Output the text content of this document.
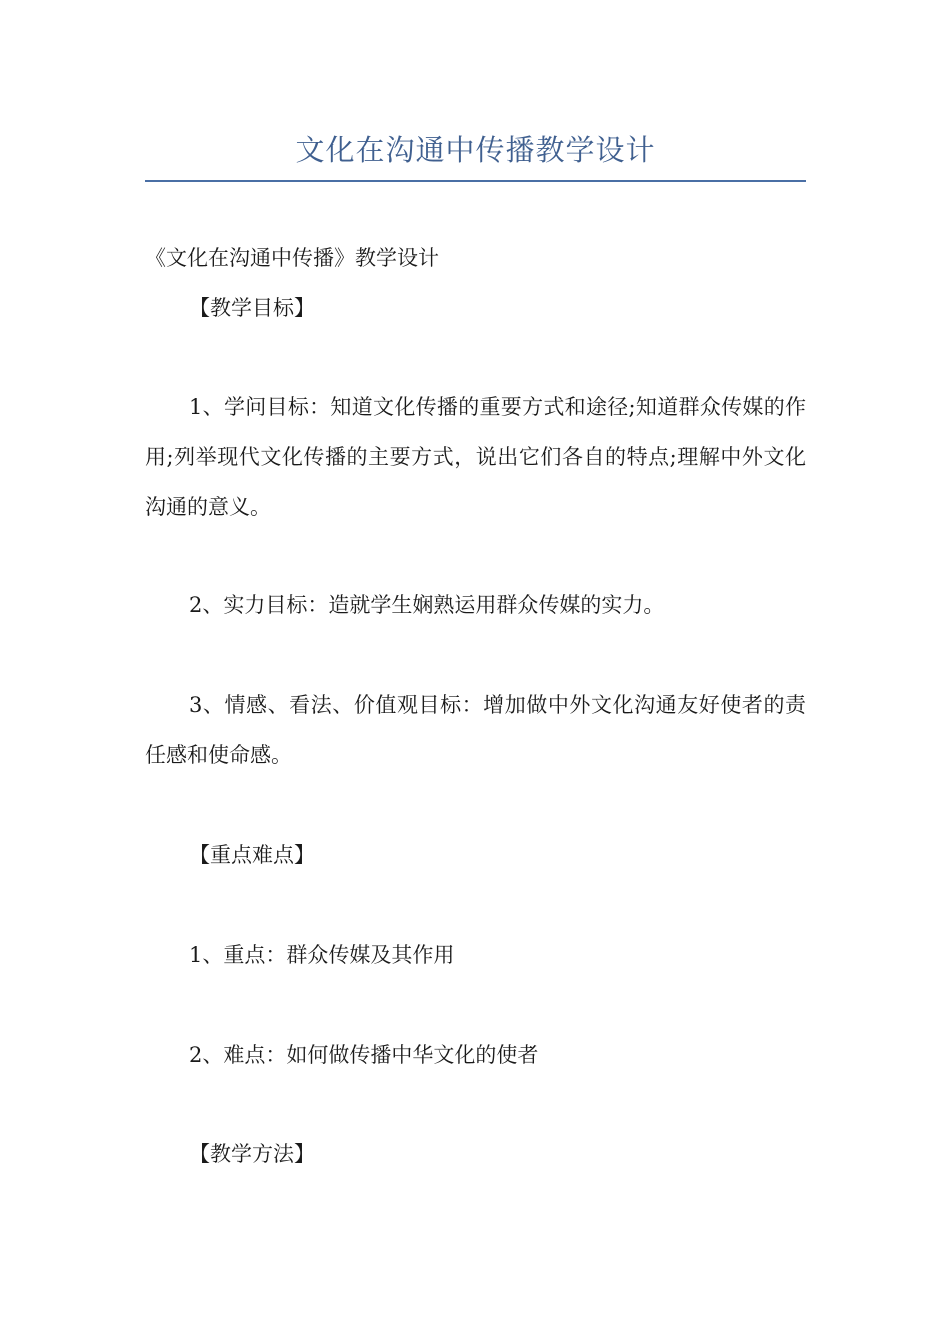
文化在沟通中传播教学设计
《文化在沟通中传播》教学设计
【教学目标】
1、学问目标：知道文化传播的重要方式和途径;知道群众传媒的作用;列举现代文化传播的主要方式，说出它们各自的特点;理解中外文化沟通的意义。
2、实力目标：造就学生娴熟运用群众传媒的实力。
3、情感、看法、价值观目标：增加做中外文化沟通友好使者的责任感和使命感。
【重点难点】
1、重点：群众传媒及其作用
2、难点：如何做传播中华文化的使者
【教学方法】
